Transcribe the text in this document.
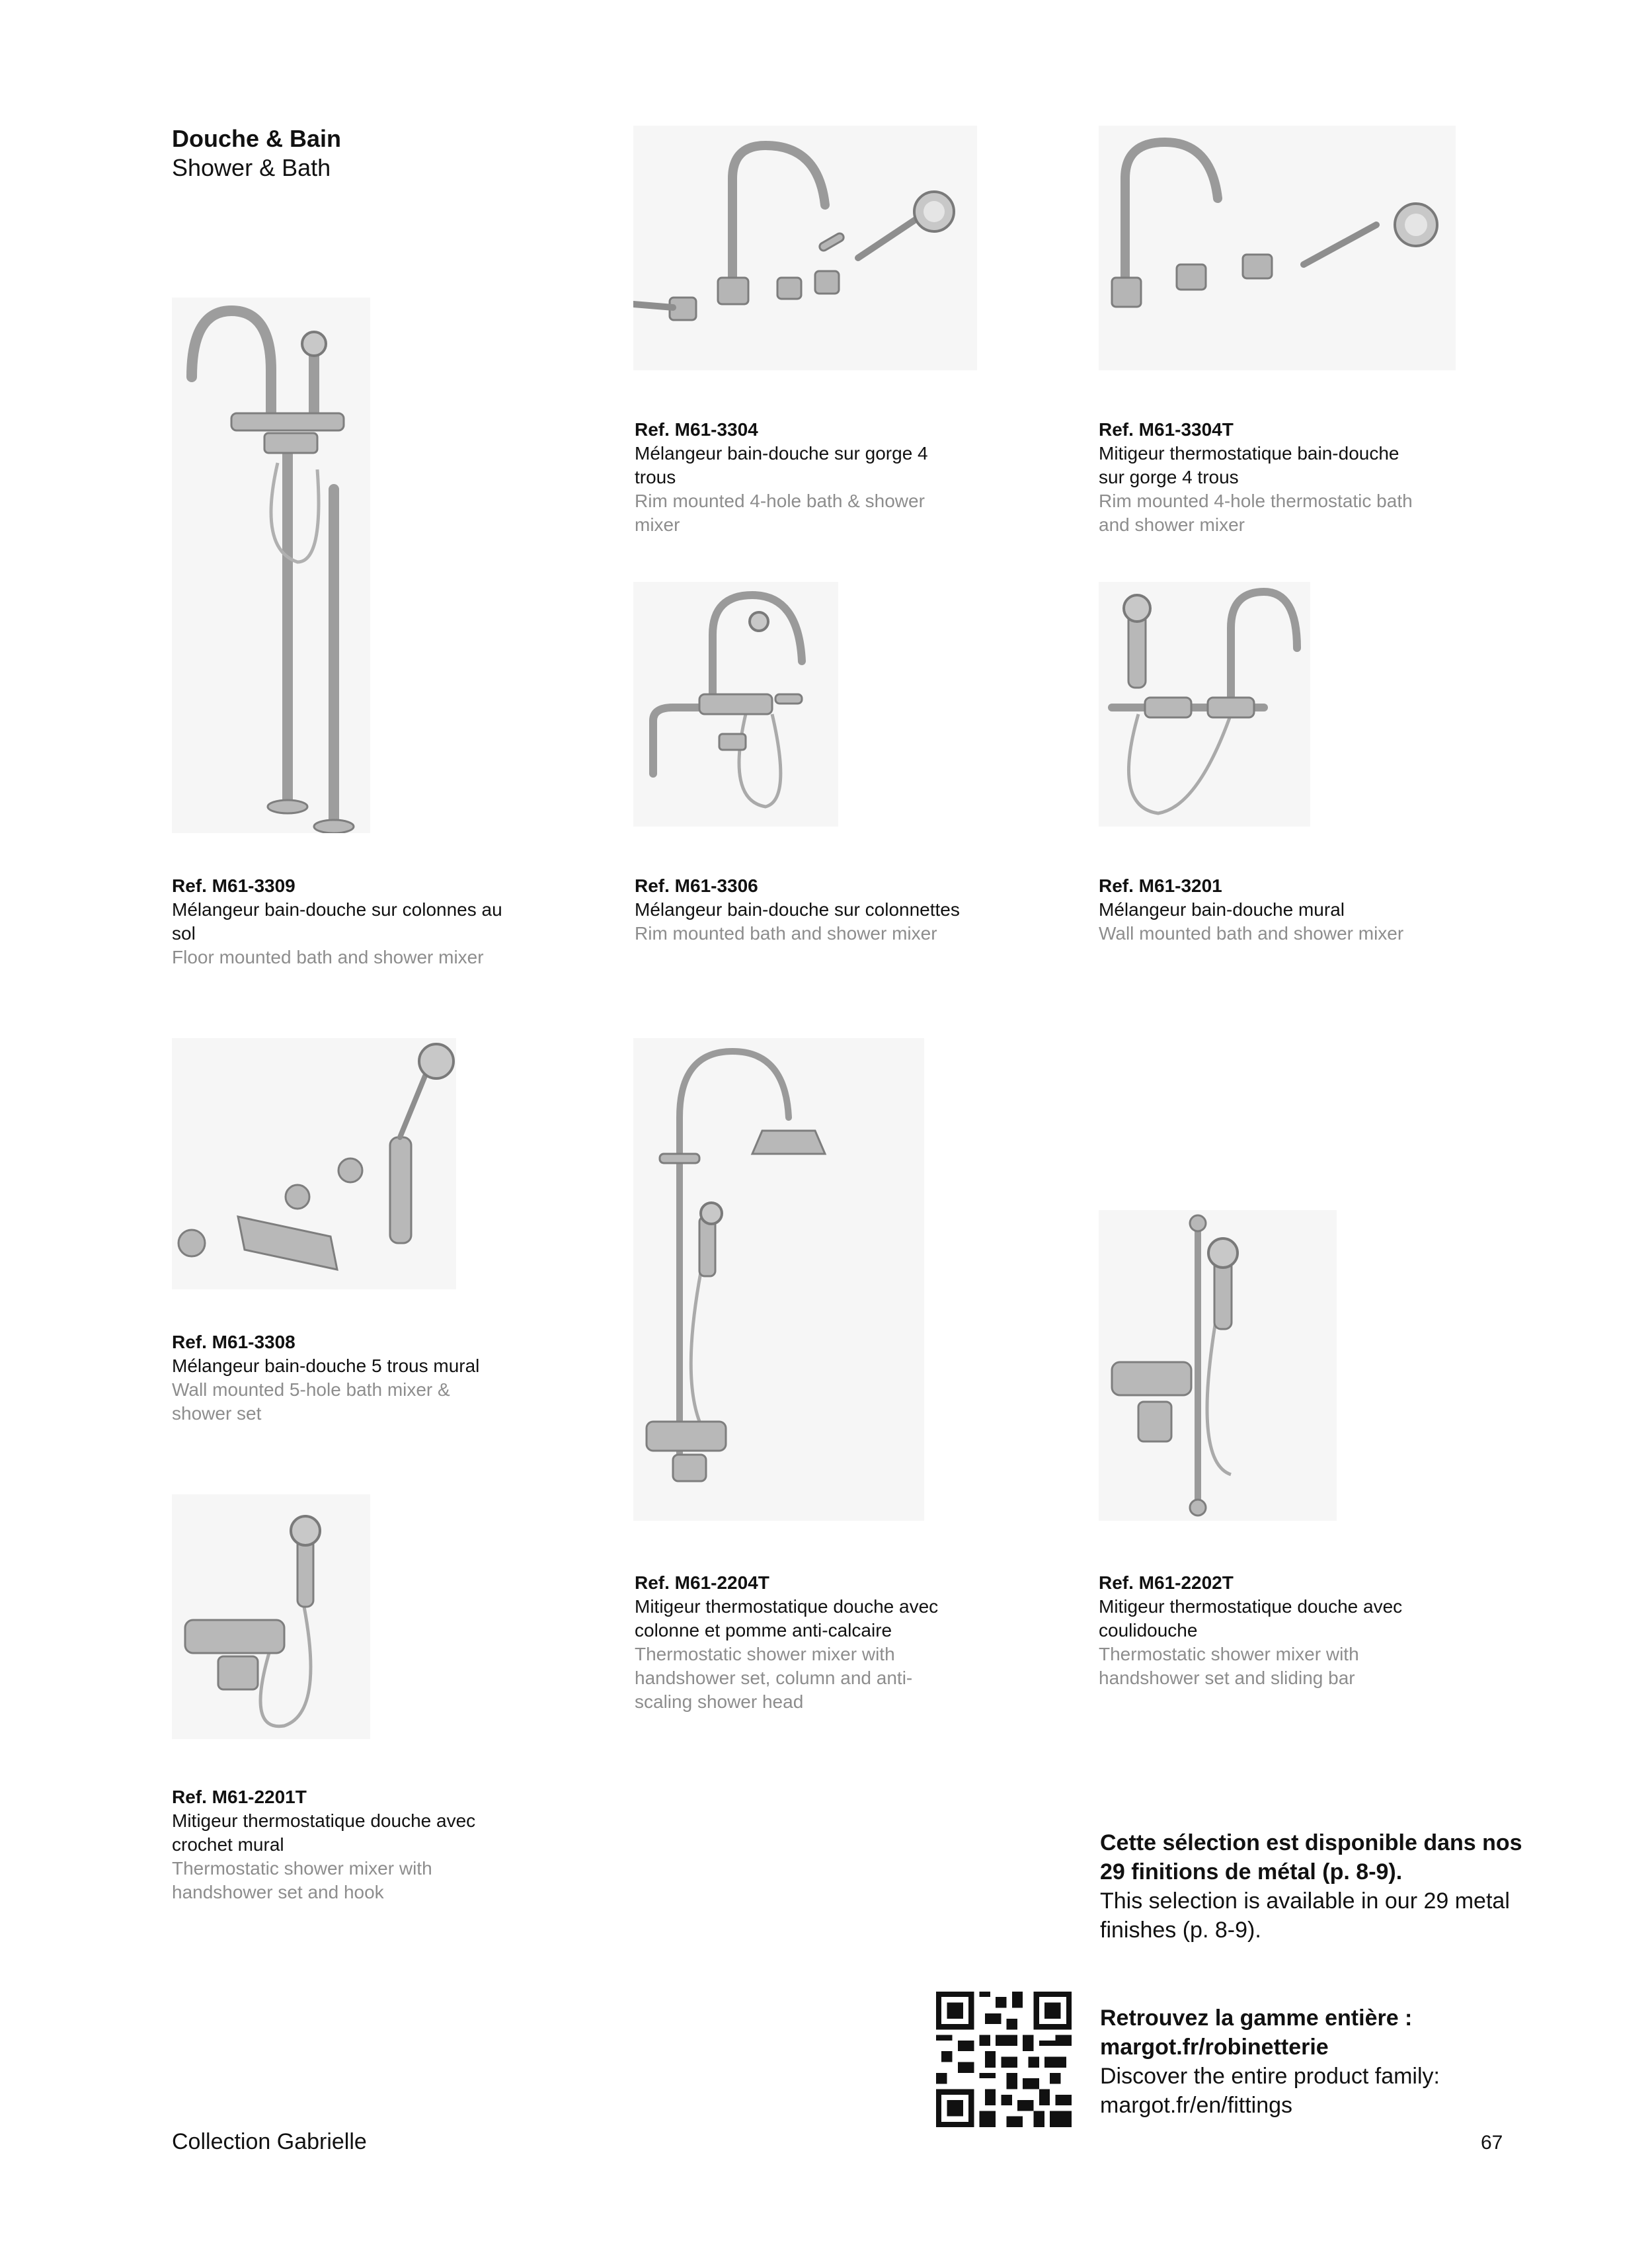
Douche & Bain
Shower & Bath
Ref. M61-3304
Mélangeur bain-douche sur gorge 4 trous
Rim mounted 4-hole bath & shower mixer
Ref. M61-3304T
Mitigeur thermostatique bain-douche sur gorge 4 trous
Rim mounted 4-hole thermostatic bath and shower mixer
Ref. M61-3309
Mélangeur bain-douche sur colonnes au sol
Floor mounted bath and shower mixer
Ref. M61-3306
Mélangeur bain-douche sur colonnettes
Rim mounted bath and shower mixer
Ref. M61-3201
Mélangeur bain-douche mural
Wall mounted bath and shower mixer
Ref. M61-3308
Mélangeur bain-douche 5 trous mural
Wall mounted 5-hole bath mixer & shower set
Ref. M61-2204T
Mitigeur thermostatique douche avec colonne et pomme anti-calcaire
Thermostatic shower mixer with handshower set, column and anti-scaling shower head
Ref. M61-2202T
Mitigeur thermostatique douche avec coulidouche
Thermostatic shower mixer with handshower set and sliding bar
Ref. M61-2201T
Mitigeur thermostatique douche avec crochet mural
Thermostatic shower mixer with handshower set and hook
Cette sélection est disponible dans nos 29 finitions de métal (p. 8-9).
This selection is available in our 29 metal finishes (p. 8-9).
Retrouvez la gamme entière :
margot.fr/robinetterie
Discover the entire product family:
margot.fr/en/fittings
Collection Gabrielle	67
